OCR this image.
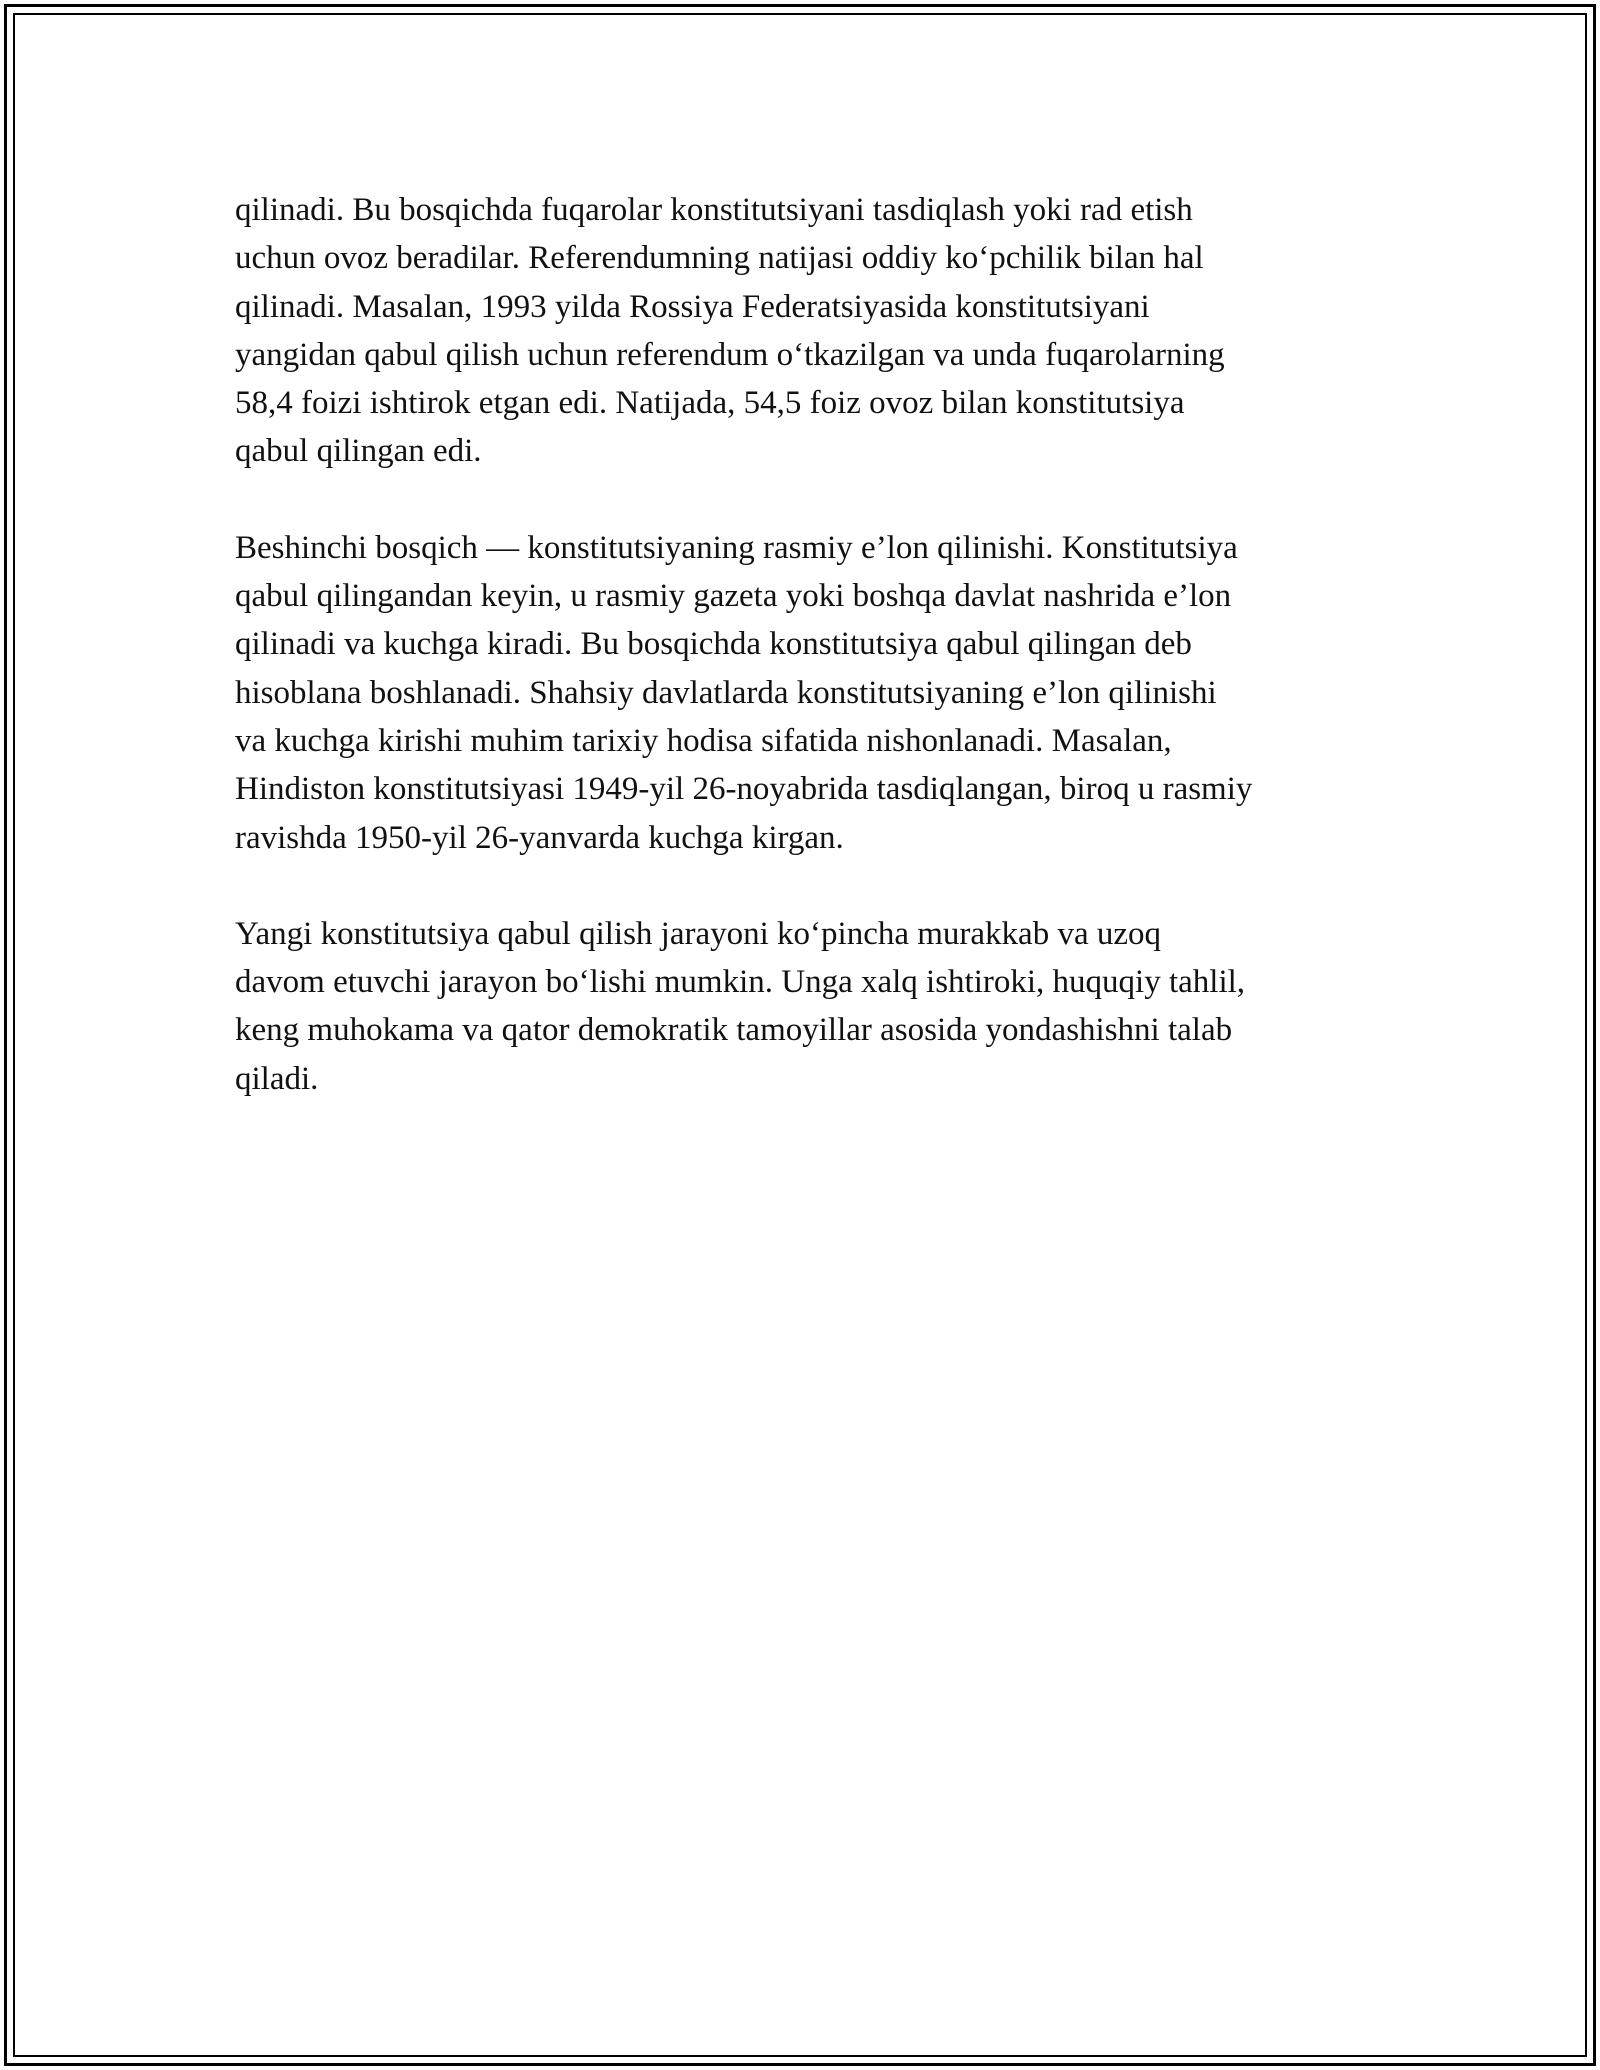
qilinadi. Bu bosqichda fuqarolar konstitutsiyani tasdiqlash yoki rad etish
uchun ovoz beradilar. Referendumning natijasi oddiy ko‘pchilik bilan hal
qilinadi. Masalan, 1993 yilda Rossiya Federatsiyasida konstitutsiyani
yangidan qabul qilish uchun referendum o‘tkazilgan va unda fuqarolarning
58,4 foizi ishtirok etgan edi. Natijada, 54,5 foiz ovoz bilan konstitutsiya
qabul qilingan edi.

Beshinchi bosqich — konstitutsiyaning rasmiy e’lon qilinishi. Konstitutsiya
qabul qilingandan keyin, u rasmiy gazeta yoki boshqa davlat nashrida e’lon
qilinadi va kuchga kiradi. Bu bosqichda konstitutsiya qabul qilingan deb
hisoblana boshlanadi. Shahsiy davlatlarda konstitutsiyaning e’lon qilinishi
va kuchga kirishi muhim tarixiy hodisa sifatida nishonlanadi. Masalan,
Hindiston konstitutsiyasi 1949-yil 26-noyabrida tasdiqlangan, biroq u rasmiy
ravishda 1950-yil 26-yanvarda kuchga kirgan.

Yangi konstitutsiya qabul qilish jarayoni ko‘pincha murakkab va uzoq
davom etuvchi jarayon bo‘lishi mumkin. Unga xalq ishtiroki, huquqiy tahlil,
keng muhokama va qator demokratik tamoyillar asosida yondashishni talab
qiladi.
